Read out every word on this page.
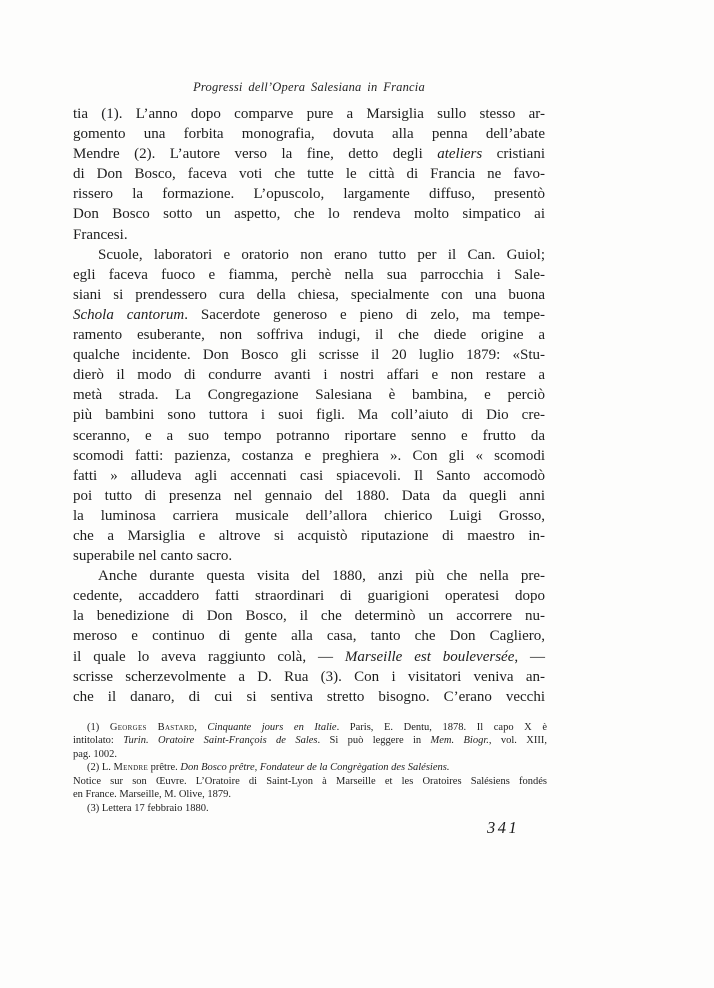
Progressi dell’Opera Salesiana in Francia
tia (1). L’anno dopo comparve pure a Marsiglia sullo stesso ar-
gomento una forbita monografia, dovuta alla penna dell’abate
Mendre (2). L’autore verso la fine, detto degli ateliers cristiani
di Don Bosco, faceva voti che tutte le città di Francia ne favo-
rissero la formazione. L’opuscolo, largamente diffuso, presentò
Don Bosco sotto un aspetto, che lo rendeva molto simpatico ai
Francesi.
Scuole, laboratori e oratorio non erano tutto per il Can. Guiol;
egli faceva fuoco e fiamma, perchè nella sua parrocchia i Sale-
siani si prendessero cura della chiesa, specialmente con una buona
Schola cantorum. Sacerdote generoso e pieno di zelo, ma tempe-
ramento esuberante, non soffriva indugi, il che diede origine a
qualche incidente. Don Bosco gli scrisse il 20 luglio 1879: «Stu-
dierò il modo di condurre avanti i nostri affari e non restare a
metà strada. La Congregazione Salesiana è bambina, e perciò
più bambini sono tuttora i suoi figli. Ma coll’aiuto di Dio cre-
sceranno, e a suo tempo potranno riportare senno e frutto da
scomodi fatti: pazienza, costanza e preghiera ». Con gli « scomodi
fatti » alludeva agli accennati casi spiacevoli. Il Santo accomodò
poi tutto di presenza nel gennaio del 1880. Data da quegli anni
la luminosa carriera musicale dell’allora chierico Luigi Grosso,
che a Marsiglia e altrove si acquistò riputazione di maestro in-
superabile nel canto sacro.
Anche durante questa visita del 1880, anzi più che nella pre-
cedente, accaddero fatti straordinari di guarigioni operatesi dopo
la benedizione di Don Bosco, il che determinò un accorrere nu-
meroso e continuo di gente alla casa, tanto che Don Cagliero,
il quale lo aveva raggiunto colà, — Marseille est bouleversée, —
scrisse scherzevolmente a D. Rua (3). Con i visitatori veniva an-
che il danaro, di cui si sentiva stretto bisogno. C’erano vecchi
(1) Georges Bastard, Cinquante jours en Italie. Paris, E. Dentu, 1878. Il capo X è
intitolato: Turin. Oratoire Saint-François de Sales. Si può leggere in Mem. Biogr., vol. XIII,
pag. 1002.
(2) L. Mendre prêtre. Don Bosco prêtre, Fondateur de la Congrègation des Salésiens.
Notice sur son Œuvre. L’Oratoire di Saint-Lyon à Marseille et les Oratoires Salésiens fondés
en France. Marseille, M. Olive, 1879.
(3) Lettera 17 febbraio 1880.
341
